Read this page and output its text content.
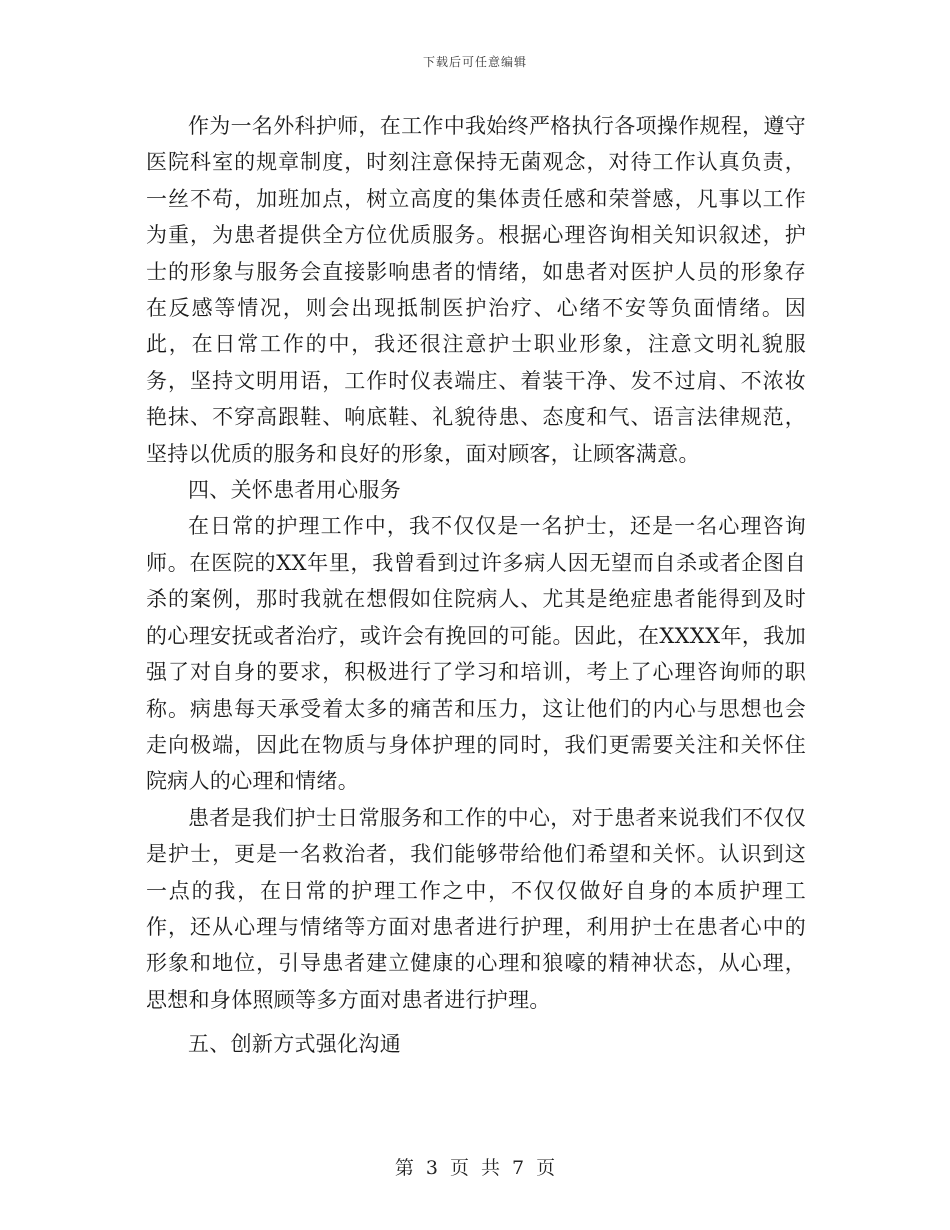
下载后可任意编辑

作为一名外科护师，在工作中我始终严格执行各项操作规程，遵守医院科室的规章制度，时刻注意保持无菌观念，对待工作认真负责，一丝不苟，加班加点，树立高度的集体责任感和荣誉感，凡事以工作为重，为患者提供全方位优质服务。根据心理咨询相关知识叙述，护士的形象与服务会直接影响患者的情绪，如患者对医护人员的形象存在反感等情况，则会出现抵制医护治疗、心绪不安等负面情绪。因此，在日常工作的中，我还很注意护士职业形象，注意文明礼貌服务，坚持文明用语，工作时仪表端庄、着装干净、发不过肩、不浓妆艳抹、不穿高跟鞋、响底鞋、礼貌待患、态度和气、语言法律规范，坚持以优质的服务和良好的形象，面对顾客，让顾客满意。

四、关怀患者用心服务

在日常的护理工作中，我不仅仅是一名护士，还是一名心理咨询师。在医院的XX年里，我曾看到过许多病人因无望而自杀或者企图自杀的案例，那时我就在想假如住院病人、尤其是绝症患者能得到及时的心理安抚或者治疗，或许会有挽回的可能。因此，在XXXX年，我加强了对自身的要求，积极进行了学习和培训，考上了心理咨询师的职称。病患每天承受着太多的痛苦和压力，这让他们的内心与思想也会走向极端，因此在物质与身体护理的同时，我们更需要关注和关怀住院病人的心理和情绪。

患者是我们护士日常服务和工作的中心，对于患者来说我们不仅仅是护士，更是一名救治者，我们能够带给他们希望和关怀。认识到这一点的我，在日常的护理工作之中，不仅仅做好自身的本质护理工作，还从心理与情绪等方面对患者进行护理，利用护士在患者心中的形象和地位，引导患者建立健康的心理和狼嚎的精神状态，从心理，思想和身体照顾等多方面对患者进行护理。

五、创新方式强化沟通

第 3 页 共 7 页
